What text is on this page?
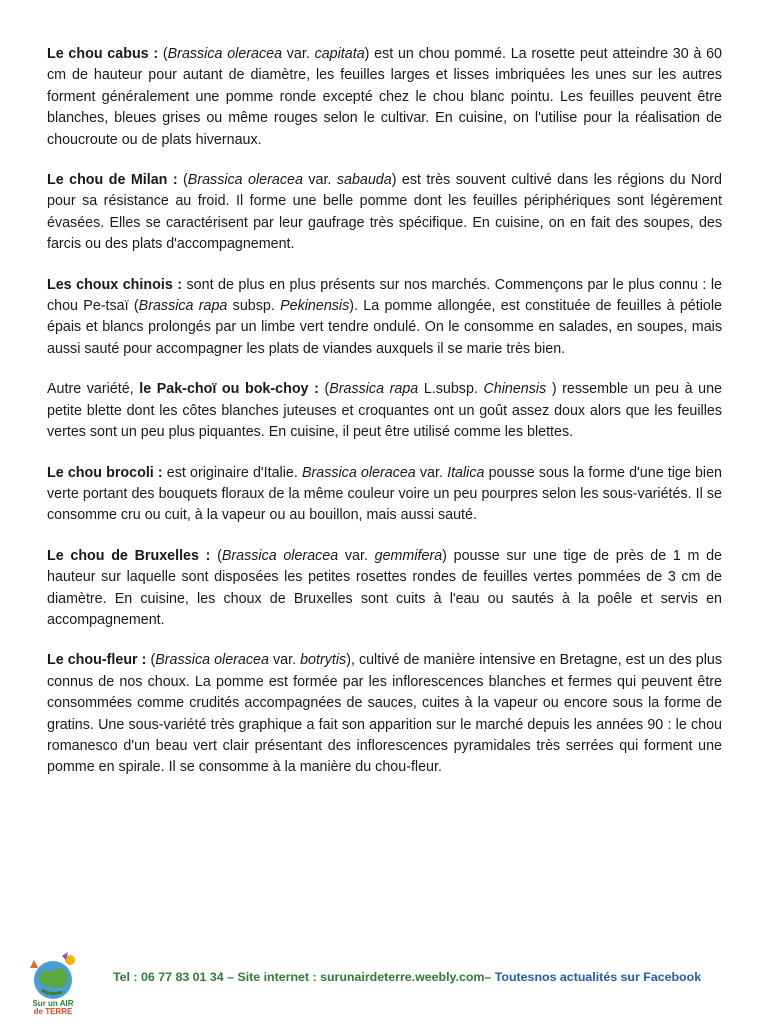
Le chou cabus : (Brassica oleracea var. capitata) est un chou pommé. La rosette peut atteindre 30 à 60 cm de hauteur pour autant de diamètre, les feuilles larges et lisses imbriquées les unes sur les autres forment généralement une pomme ronde excepté chez le chou blanc pointu. Les feuilles peuvent être blanches, bleues grises ou même rouges selon le cultivar. En cuisine, on l'utilise pour la réalisation de choucroute ou de plats hivernaux.

Le chou de Milan : (Brassica oleracea var. sabauda) est très souvent cultivé dans les régions du Nord pour sa résistance au froid. Il forme une belle pomme dont les feuilles périphériques sont légèrement évasées. Elles se caractérisent par leur gaufrage très spécifique. En cuisine, on en fait des soupes, des farcis ou des plats d'accompagnement.

Les choux chinois : sont de plus en plus présents sur nos marchés. Commençons par le plus connu : le chou Pe-tsaï (Brassica rapa subsp. Pekinensis). La pomme allongée, est constituée de feuilles à pétiole épais et blancs prolongés par un limbe vert tendre ondulé. On le consomme en salades, en soupes, mais aussi sauté pour accompagner les plats de viandes auxquels il se marie très bien.

Autre variété, le Pak-choï ou bok-choy : (Brassica rapa L.subsp. Chinensis ) ressemble un peu à une petite blette dont les côtes blanches juteuses et croquantes ont un goût assez doux alors que les feuilles vertes sont un peu plus piquantes. En cuisine, il peut être utilisé comme les blettes.

Le chou brocoli : est originaire d'Italie. Brassica oleracea var. Italica pousse sous la forme d'une tige bien verte portant des bouquets floraux de la même couleur voire un peu pourpres selon les sous-variétés. Il se consomme cru ou cuit, à la vapeur ou au bouillon, mais aussi sauté.

Le chou de Bruxelles : (Brassica oleracea var. gemmifera) pousse sur une tige de près de 1 m de hauteur sur laquelle sont disposées les petites rosettes rondes de feuilles vertes pommées de 3 cm de diamètre. En cuisine, les choux de Bruxelles sont cuits à l'eau ou sautés à la poêle et servis en accompagnement.

Le chou-fleur : (Brassica oleracea var. botrytis), cultivé de manière intensive en Bretagne, est un des plus connus de nos choux. La pomme est formée par les inflorescences blanches et fermes qui peuvent être consommées comme crudités accompagnées de sauces, cuites à la vapeur ou encore sous la forme de gratins. Une sous-variété très graphique a fait son apparition sur le marché depuis les années 90 : le chou romanesco d'un beau vert clair présentant des inflorescences pyramidales très serrées qui forment une pomme en spirale. Il se consomme à la manière du chou-fleur.

Sur un AIR
de TERRE
Tel : 06 77 83 01 34 – Site internet : surunairdeterre.weebly.com– Toutesnos actualités sur Facebook
